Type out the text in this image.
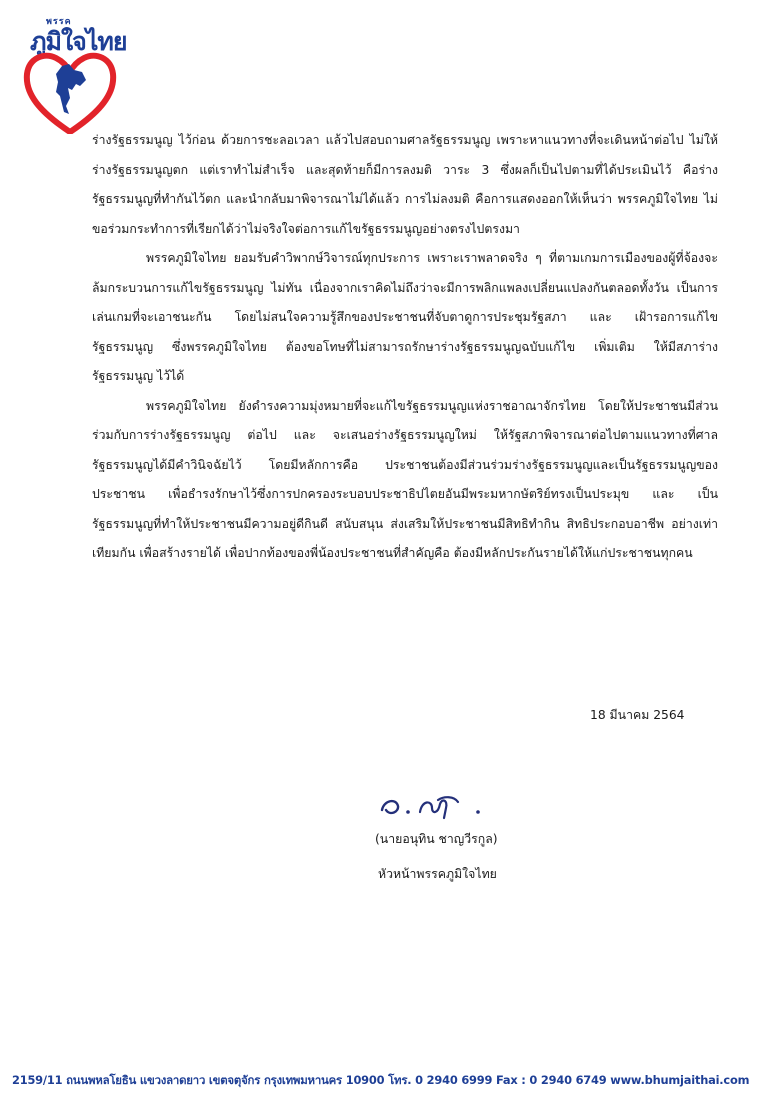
พรรค
ภูมิใจไทย

ร่างรัฐธรรมนูญ ไว้ก่อน ด้วยการชะลอเวลา แล้วไปสอบถามศาลรัฐธรรมนูญ เพราะหาแนวทางที่จะเดินหน้าต่อไป ไม่ให้ร่างรัฐธรรมนูญตก แต่เราทำไม่สำเร็จ และสุดท้ายก็มีการลงมติ วาระ 3 ซึ่งผลก็เป็นไปตามที่ได้ประเมินไว้ คือร่างรัฐธรรมนูญที่ทำกันไว้ตก และนำกลับมาพิจารณาไม่ได้แล้ว การไม่ลงมติ คือการแสดงออกให้เห็นว่า พรรคภูมิใจไทย ไม่ขอร่วมกระทำการที่เรียกได้ว่าไม่จริงใจต่อการแก้ไขรัฐธรรมนูญอย่างตรงไปตรงมา

พรรคภูมิใจไทย ยอมรับคำวิพากษ์วิจารณ์ทุกประการ เพราะเราพลาดจริง ๆ ที่ตามเกมการเมืองของผู้ที่จ้องจะล้มกระบวนการแก้ไขรัฐธรรมนูญ ไม่ทัน เนื่องจากเราคิดไม่ถึงว่าจะมีการพลิกแพลงเปลี่ยนแปลงกันตลอดทั้งวัน เป็นการเล่นเกมที่จะเอาชนะกัน โดยไม่สนใจความรู้สึกของประชาชนที่จับตาดูการประชุมรัฐสภา และ เฝ้ารอการแก้ไขรัฐธรรมนูญ ซึ่งพรรคภูมิใจไทย ต้องขอโทษที่ไม่สามารถรักษาร่างรัฐธรรมนูญฉบับแก้ไข เพิ่มเติม ให้มีสภาร่างรัฐธรรมนูญ ไว้ได้

พรรคภูมิใจไทย ยังดำรงความมุ่งหมายที่จะแก้ไขรัฐธรรมนูญแห่งราชอาณาจักรไทย โดยให้ประชาชนมีส่วนร่วมกับการร่างรัฐธรรมนูญ ต่อไป และ จะเสนอร่างรัฐธรรมนูญใหม่ ให้รัฐสภาพิจารณาต่อไปตามแนวทางที่ศาลรัฐธรรมนูญได้มีคำวินิจฉัยไว้ โดยมีหลักการคือ ประชาชนต้องมีส่วนร่วมร่างรัฐธรรมนูญและเป็นรัฐธรรมนูญของประชาชน เพื่อธำรงรักษาไว้ซึ่งการปกครองระบอบประชาธิปไตยอันมีพระมหากษัตริย์ทรงเป็นประมุข และ เป็นรัฐธรรมนูญที่ทำให้ประชาชนมีความอยู่ดีกินดี สนับสนุน ส่งเสริมให้ประชาชนมีสิทธิทำกิน สิทธิประกอบอาชีพ อย่างเท่าเทียมกัน เพื่อสร้างรายได้ เพื่อปากท้องของพี่น้องประชาชนที่สำคัญคือ ต้องมีหลักประกันรายได้ให้แก่ประชาชนทุกคน

18 มีนาคม 2564
(นายอนุทิน ชาญวีรกูล)
หัวหน้าพรรคภูมิใจไทย
2159/11 ถนนพหลโยธิน แขวงลาดยาว เขตจตุจักร กรุงเทพมหานคร 10900 โทร. 0 2940 6999 Fax : 0 2940 6749 www.bhumjaithai.com
